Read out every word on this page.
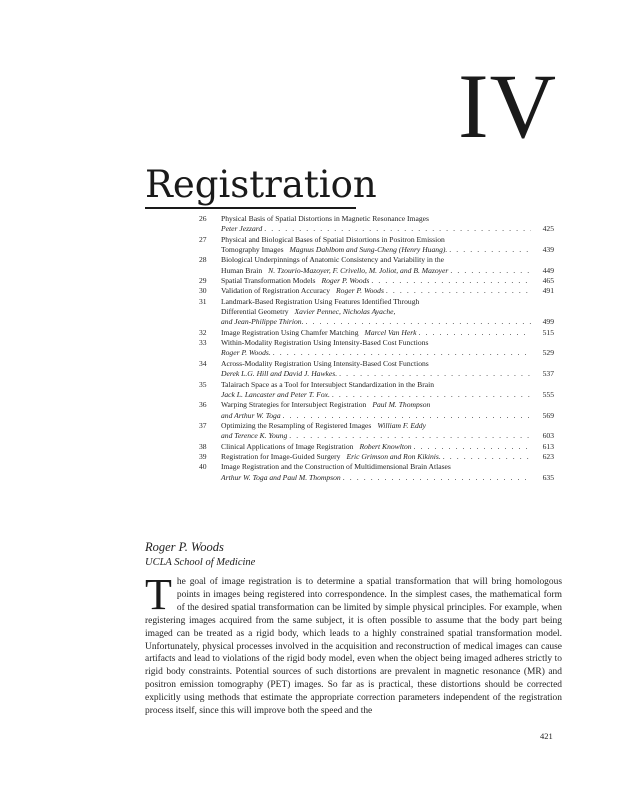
IV
Registration
26	Physical Basis of Spatial Distortions in Magnetic Resonance Images
Peter Jezzard . . .	425
27	Physical and Biological Bases of Spatial Distortions in Positron Emission
Tomography Images Magnus Dahlbom and Sung-Cheng (Henry Huang). . . .	439
28	Biological Underpinnings of Anatomic Consistency and Variability in the
Human Brain N. Tzourio-Mazoyer, F. Crivello, M. Joliot, and B. Mazoyer . . .	449
29	Spatial Transformation Models Roger P. Woods . . .	465
30	Validation of Registration Accuracy Roger P. Woods . . .	491
31	Landmark-Based Registration Using Features Identified Through
Differential Geometry Xavier Pennec, Nicholas Ayache,
and Jean-Philippe Thirion. . . .	499
32	Image Registration Using Chamfer Matching Marcel Van Herk . . .	515
33	Within-Modality Registration Using Intensity-Based Cost Functions
Roger P. Woods. . . .	529
34	Across-Modality Registration Using Intensity-Based Cost Functions
Derek L.G. Hill and David J. Hawkes. . . .	537
35	Talairach Space as a Tool for Intersubject Standardization in the Brain
Jack L. Lancaster and Peter T. Fox. . . .	555
36	Warping Strategies for Intersubject Registration Paul M. Thompson
and Arthur W. Toga . . .	569
37	Optimizing the Resampling of Registered Images William F. Eddy
and Terence K. Young . . .	603
38	Clinical Applications of Image Registration Robert Knowlton . . .	613
39	Registration for Image-Guided Surgery Eric Grimson and Ron Kikinis. . . .	623
40	Image Registration and the Construction of Multidimensional Brain Atlases
Arthur W. Toga and Paul M. Thompson . . .	635
Roger P. Woods
UCLA School of Medicine

The goal of image registration is to determine a spatial transformation that will bring homologous points in images being registered into correspondence. In the simplest cases, the mathematical form of the desired spatial transformation can be limited by simple physical principles. For example, when registering images acquired from the same subject, it is often possible to assume that the body part being imaged can be treated as a rigid body, which leads to a highly constrained spatial transformation model. Unfortunately, physical processes involved in the acquisition and reconstruction of medical images can cause artifacts and lead to violations of the rigid body model, even when the object being imaged adheres strictly to rigid body constraints. Potential sources of such distortions are prevalent in magnetic resonance (MR) and positron emission tomography (PET) images. So far as is practical, these distortions should be corrected explicitly using methods that estimate the appropriate correction parameters independent of the registration process itself, since this will improve both the speed and the

421
